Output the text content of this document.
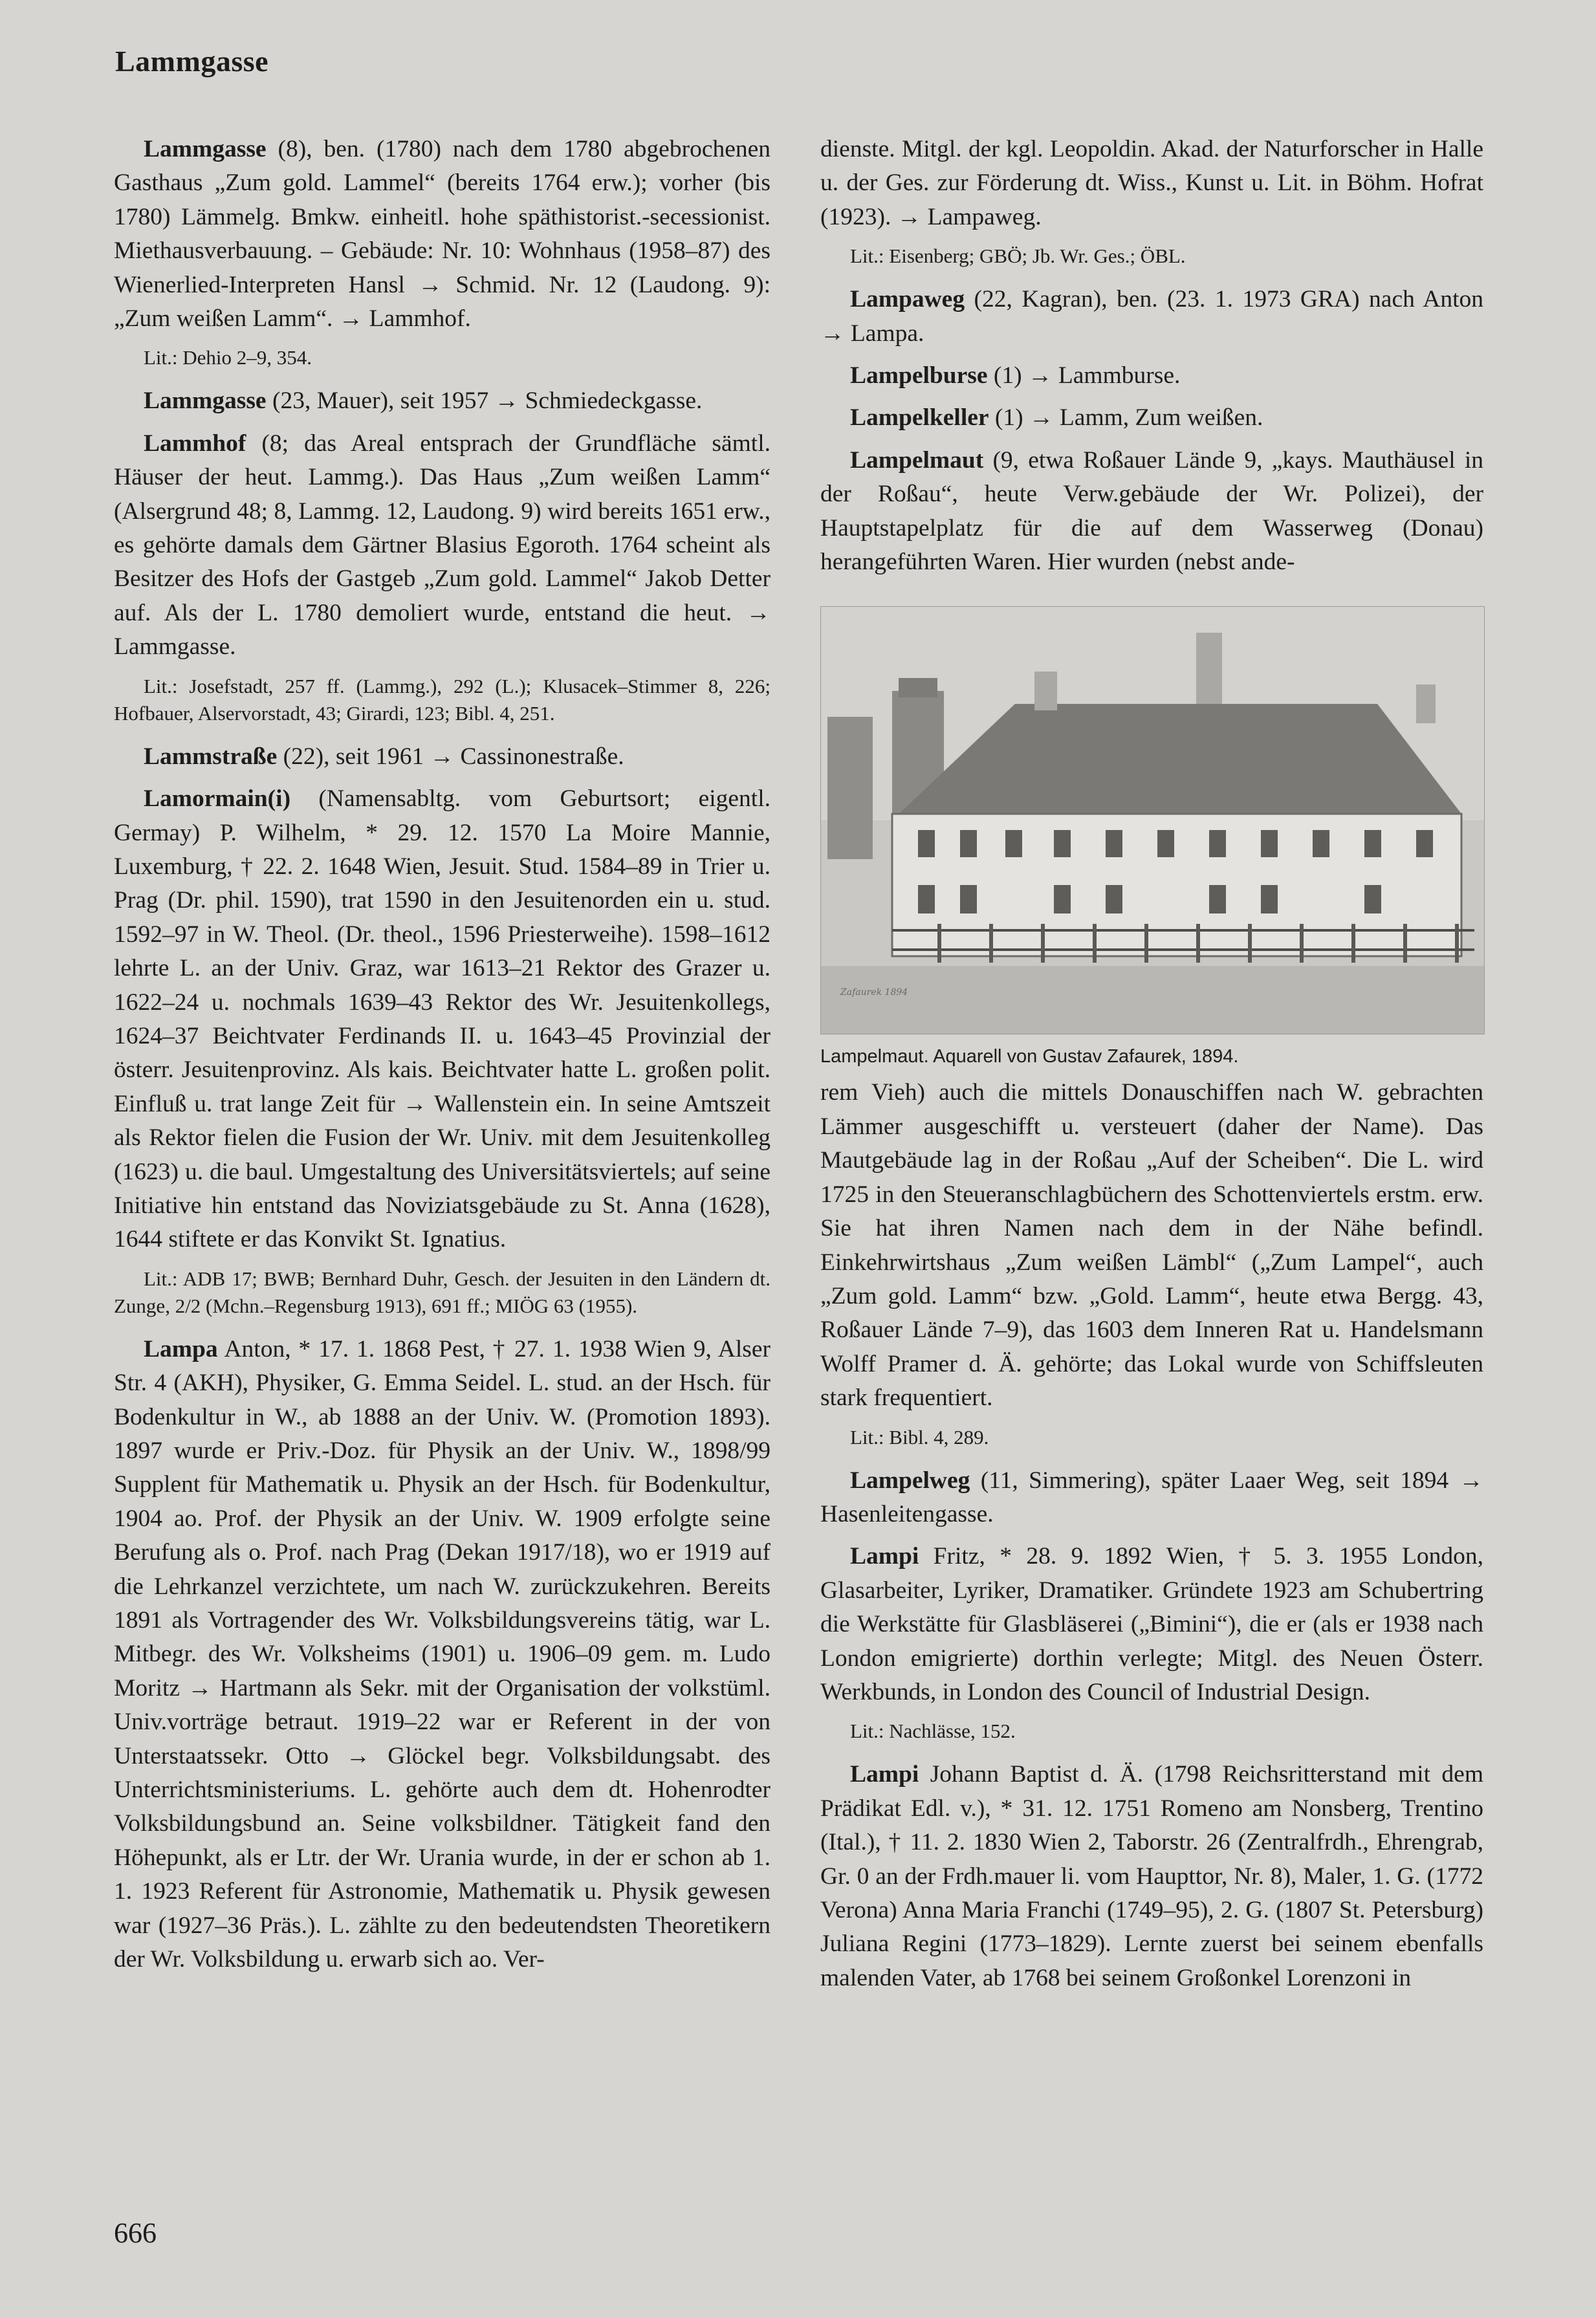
Lammgasse

Lammgasse (8), ben. (1780) nach dem 1780 abgebrochenen Gasthaus „Zum gold. Lammel“ (bereits 1764 erw.); vorher (bis 1780) Lämmelg. Bmkw. einheitl. hohe späthistorist.-secessionist. Miethausverbauung. – Gebäude: Nr. 10: Wohnhaus (1958–87) des Wienerlied-Interpreten Hansl → Schmid. Nr. 12 (Laudong. 9): „Zum weißen Lamm“. → Lammhof.

Lit.: Dehio 2–9, 354.

Lammgasse (23, Mauer), seit 1957 → Schmiedeckgasse.

Lammhof (8; das Areal entsprach der Grundfläche sämtl. Häuser der heut. Lammg.). Das Haus „Zum weißen Lamm“ (Alsergrund 48; 8, Lammg. 12, Laudong. 9) wird bereits 1651 erw., es gehörte damals dem Gärtner Blasius Egoroth. 1764 scheint als Besitzer des Hofs der Gastgeb „Zum gold. Lammel“ Jakob Detter auf. Als der L. 1780 demoliert wurde, entstand die heut. → Lammgasse.

Lit.: Josefstadt, 257 ff. (Lammg.), 292 (L.); Klusacek–Stimmer 8, 226; Hofbauer, Alservorstadt, 43; Girardi, 123; Bibl. 4, 251.

Lammstraße (22), seit 1961 → Cassinonestraße.

Lamormain(i) (Namensabltg. vom Geburtsort; eigentl. Germay) P. Wilhelm, * 29. 12. 1570 La Moire Mannie, Luxemburg, † 22. 2. 1648 Wien, Jesuit. Stud. 1584–89 in Trier u. Prag (Dr. phil. 1590), trat 1590 in den Jesuitenorden ein u. stud. 1592–97 in W. Theol. (Dr. theol., 1596 Priesterweihe). 1598–1612 lehrte L. an der Univ. Graz, war 1613–21 Rektor des Grazer u. 1622–24 u. nochmals 1639–43 Rektor des Wr. Jesuitenkollegs, 1624–37 Beichtvater Ferdinands II. u. 1643–45 Provinzial der österr. Jesuitenprovinz. Als kais. Beichtvater hatte L. großen polit. Einfluß u. trat lange Zeit für → Wallenstein ein. In seine Amtszeit als Rektor fielen die Fusion der Wr. Univ. mit dem Jesuitenkolleg (1623) u. die baul. Umgestaltung des Universitätsviertels; auf seine Initiative hin entstand das Noviziatsgebäude zu St. Anna (1628), 1644 stiftete er das Konvikt St. Ignatius.

Lit.: ADB 17; BWB; Bernhard Duhr, Gesch. der Jesuiten in den Ländern dt. Zunge, 2/2 (Mchn.–Regensburg 1913), 691 ff.; MIÖG 63 (1955).

Lampa Anton, * 17. 1. 1868 Pest, † 27. 1. 1938 Wien 9, Alser Str. 4 (AKH), Physiker, G. Emma Seidel. L. stud. an der Hsch. für Bodenkultur in W., ab 1888 an der Univ. W. (Promotion 1893). 1897 wurde er Priv.-Doz. für Physik an der Univ. W., 1898/99 Supplent für Mathematik u. Physik an der Hsch. für Bodenkultur, 1904 ao. Prof. der Physik an der Univ. W. 1909 erfolgte seine Berufung als o. Prof. nach Prag (Dekan 1917/18), wo er 1919 auf die Lehrkanzel verzichtete, um nach W. zurückzukehren. Bereits 1891 als Vortragender des Wr. Volksbildungsvereins tätig, war L. Mitbegr. des Wr. Volksheims (1901) u. 1906–09 gem. m. Ludo Moritz → Hartmann als Sekr. mit der Organisation der volkstüml. Univ.vorträge betraut. 1919–22 war er Referent in der von Unterstaatssekr. Otto → Glöckel begr. Volksbildungsabt. des Unterrichtsministeriums. L. gehörte auch dem dt. Hohenrodter Volksbildungsbund an. Seine volksbildner. Tätigkeit fand den Höhepunkt, als er Ltr. der Wr. Urania wurde, in der er schon ab 1. 1. 1923 Referent für Astronomie, Mathematik u. Physik gewesen war (1927–36 Präs.). L. zählte zu den bedeutendsten Theoretikern der Wr. Volksbildung u. erwarb sich ao. Ver-

dienste. Mitgl. der kgl. Leopoldin. Akad. der Naturforscher in Halle u. der Ges. zur Förderung dt. Wiss., Kunst u. Lit. in Böhm. Hofrat (1923). → Lampaweg.

Lit.: Eisenberg; GBÖ; Jb. Wr. Ges.; ÖBL.

Lampaweg (22, Kagran), ben. (23. 1. 1973 GRA) nach Anton → Lampa.

Lampelburse (1) → Lammburse.

Lampelkeller (1) → Lamm, Zum weißen.

Lampelmaut (9, etwa Roßauer Lände 9, „kays. Mauthäusel in der Roßau“, heute Verw.gebäude der Wr. Polizei), der Hauptstapelplatz für die auf dem Wasserweg (Donau) herangeführten Waren. Hier wurden (nebst ande-

Zafaurek 1894

Lampelmaut. Aquarell von Gustav Zafaurek, 1894.

rem Vieh) auch die mittels Donauschiffen nach W. gebrachten Lämmer ausgeschifft u. versteuert (daher der Name). Das Mautgebäude lag in der Roßau „Auf der Scheiben“. Die L. wird 1725 in den Steueranschlagbüchern des Schottenviertels erstm. erw. Sie hat ihren Namen nach dem in der Nähe befindl. Einkehrwirtshaus „Zum weißen Lämbl“ („Zum Lampel“, auch „Zum gold. Lamm“ bzw. „Gold. Lamm“, heute etwa Bergg. 43, Roßauer Lände 7–9), das 1603 dem Inneren Rat u. Handelsmann Wolff Pramer d. Ä. gehörte; das Lokal wurde von Schiffsleuten stark frequentiert.

Lit.: Bibl. 4, 289.

Lampelweg (11, Simmering), später Laaer Weg, seit 1894 → Hasenleitengasse.

Lampi Fritz, * 28. 9. 1892 Wien, † 5. 3. 1955 London, Glasarbeiter, Lyriker, Dramatiker. Gründete 1923 am Schubertring die Werkstätte für Glasbläserei („Bimini“), die er (als er 1938 nach London emigrierte) dorthin verlegte; Mitgl. des Neuen Österr. Werkbunds, in London des Council of Industrial Design.

Lit.: Nachlässe, 152.

Lampi Johann Baptist d. Ä. (1798 Reichsritterstand mit dem Prädikat Edl. v.), * 31. 12. 1751 Romeno am Nonsberg, Trentino (Ital.), † 11. 2. 1830 Wien 2, Taborstr. 26 (Zentralfrdh., Ehrengrab, Gr. 0 an der Frdh.mauer li. vom Haupttor, Nr. 8), Maler, 1. G. (1772 Verona) Anna Maria Franchi (1749–95), 2. G. (1807 St. Petersburg) Juliana Regini (1773–1829). Lernte zuerst bei seinem ebenfalls malenden Vater, ab 1768 bei seinem Großonkel Lorenzoni in

666
